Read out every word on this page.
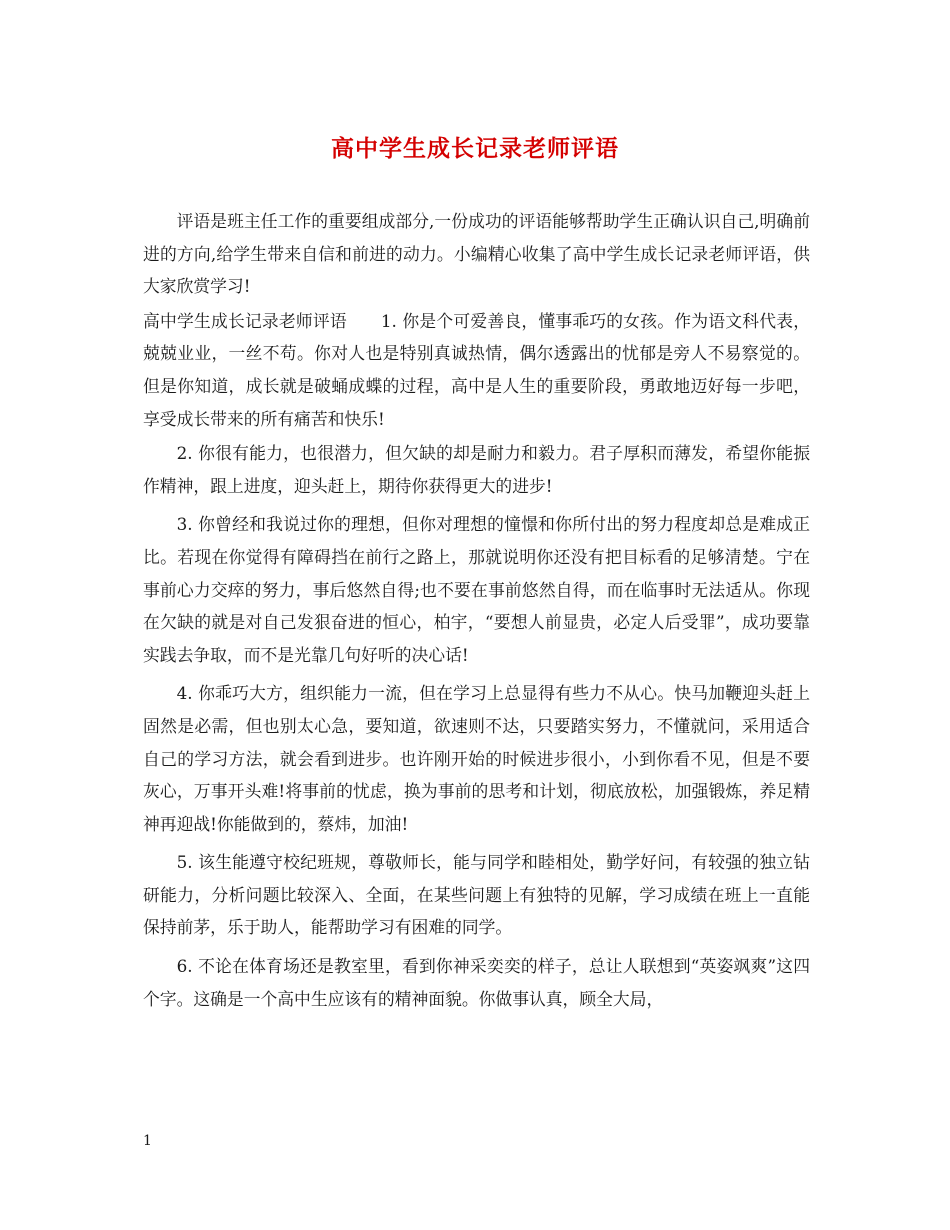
高中学生成长记录老师评语

评语是班主任工作的重要组成部分,一份成功的评语能够帮助学生正确认识自己,明确前进的方向,给学生带来自信和前进的动力。小编精心收集了高中学生成长记录老师评语，供大家欣赏学习!

高中学生成长记录老师评语　　1. 你是个可爱善良，懂事乖巧的女孩。作为语文科代表，兢兢业业，一丝不苟。你对人也是特别真诚热情，偶尔透露出的忧郁是旁人不易察觉的。但是你知道，成长就是破蛹成蝶的过程，高中是人生的重要阶段，勇敢地迈好每一步吧，享受成长带来的所有痛苦和快乐!

2. 你很有能力，也很潜力，但欠缺的却是耐力和毅力。君子厚积而薄发，希望你能振作精神，跟上进度，迎头赶上，期待你获得更大的进步!

3. 你曾经和我说过你的理想，但你对理想的憧憬和你所付出的努力程度却总是难成正比。若现在你觉得有障碍挡在前行之路上，那就说明你还没有把目标看的足够清楚。宁在事前心力交瘁的努力，事后悠然自得;也不要在事前悠然自得，而在临事时无法适从。你现在欠缺的就是对自己发狠奋进的恒心，柏宇，“要想人前显贵，必定人后受罪”，成功要靠实践去争取，而不是光靠几句好听的决心话!

4. 你乖巧大方，组织能力一流，但在学习上总显得有些力不从心。快马加鞭迎头赶上固然是必需，但也别太心急，要知道，欲速则不达，只要踏实努力，不懂就问，采用适合自己的学习方法，就会看到进步。也许刚开始的时候进步很小，小到你看不见，但是不要灰心，万事开头难!将事前的忧虑，换为事前的思考和计划，彻底放松，加强锻炼，养足精神再迎战!你能做到的，蔡炜，加油!

5. 该生能遵守校纪班规，尊敬师长，能与同学和睦相处，勤学好问，有较强的独立钻研能力，分析问题比较深入、全面，在某些问题上有独特的见解，学习成绩在班上一直能保持前茅，乐于助人，能帮助学习有困难的同学。

6. 不论在体育场还是教室里，看到你神采奕奕的样子，总让人联想到“英姿飒爽”这四个字。这确是一个高中生应该有的精神面貌。你做事认真，顾全大局，

1
